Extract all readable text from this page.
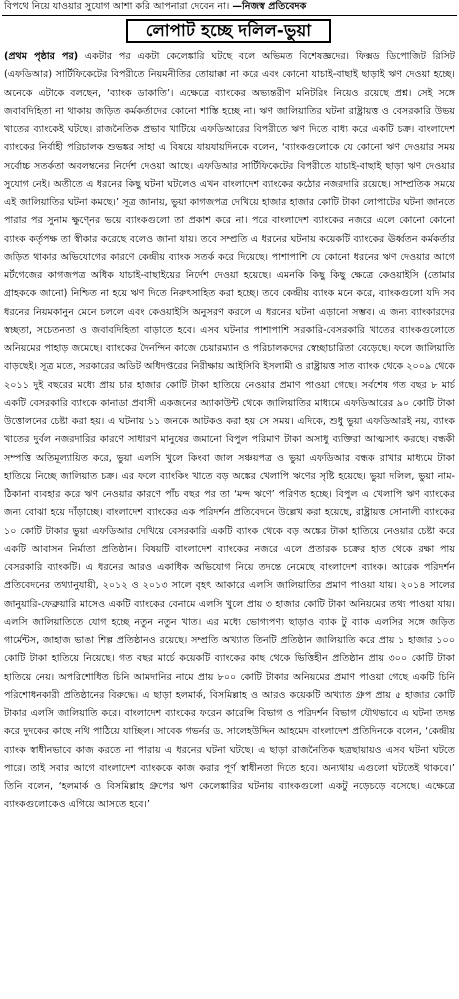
বিপথে নিয়ে যাওয়ার সুযোগ আশা করি আপনারা দেবেন না। —নিজস্ব প্রতিবেদক
লোপাট হচ্ছে দলিল-ভুয়া

(প্রথম পৃষ্ঠার পর) একটার পর একটা কেলেঙ্কারি ঘটছে বলে অভিমত বিশেষজ্ঞদের। ফিক্সড ডিপোজিট রিসিট (এফডিআর) সার্টিফিকেটের বিপরীতে নিয়মনীতির তোয়াক্কা না করে এবং কোনো যাচাই-বাছাই ছাড়াই ঋণ দেওয়া হচ্ছে। অনেকে এটাকে বলছেন, ‘ব্যাংক ডাকাতি’। এক্ষেত্রে ব্যাংকের অভ্যন্তরীণ মনিটরিং নিয়েও রয়েছে প্রশ্ন। সেই সঙ্গে জবাবদিহিতা না থাকায় জড়িত কর্মকর্তাদের কোনো শাস্তি হচ্ছে না। ঋণ জালিয়াতির ঘটনা রাষ্ট্রায়ত্ত ও বেসরকারি উভয় খাতের ব্যাংকেই ঘটছে। রাজনৈতিক প্রভাব খাটিয়ে এফডিআরের বিপরীতে ঋণ দিতে বাধ্য করে একটি চক্র। বাংলাদেশ ব্যাংকের নির্বাহী পরিচালক শুভঙ্কর সাহা এ বিষয়ে যায়যায়দিনকে বলেন, ‘ব্যাংকগুলোকে যে কোনো ঋণ দেওয়ার সময় সর্বোচ্চ সতর্কতা অবলম্বনের নির্দেশ দেওয়া আছে। এফডিআর সার্টিফিকেটের বিপরীতে যাচাই-বাছাই ছাড়া ঋণ দেওয়ার সুযোগ নেই। অতীতে এ ধরনের কিছু ঘটনা ঘটলেও এখন বাংলাদেশ ব্যাংকের কঠোর নজরদারি রয়েছে। সাম্প্রতিক সময়ে এই জালিয়াতির ঘটনা কমছে।’ সূত্র জানায়, ভুয়া কাগজপত্র দেখিয়ে হাজার হাজার কোটি টাকা লোপাটের ঘটনা জানতে পারার পর সুনাম ক্ষুণ্নের ভয়ে ব্যাংকগুলো তা প্রকাশ করে না। পরে বাংলাদেশ ব্যাংকের নজরে এলে কোনো কোনো ব্যাংক কর্তৃপক্ষ তা স্বীকার করেছে বলেও জানা যায়। তবে সম্প্রতি এ ধরনের ঘটনায় কয়েকটি ব্যাংকের ঊর্ধ্বতন কর্মকর্তার জড়িত থাকার অভিযোগের কারণে কেন্দ্রীয় ব্যাংক সতর্ক করে দিয়েছে। পাশাপাশি যে কোনো ধরনের ঋণ দেওয়ার আগে মর্টগেজের কাগজপত্র অধিক যাচাই-বাছাইয়ের নির্দেশ দেওয়া হয়েছে। এমনকি কিছু কিছু ক্ষেত্রে কেওয়াইসি (তোমার গ্রাহককে জানো) নিশ্চিত না হয়ে ঋণ দিতে নিরুৎসাহিত করা হচ্ছে। তবে কেন্দ্রীয় ব্যাংক মনে করে, ব্যাংকগুলো যদি সব ধরনের নিয়মকানুন মেনে চললে এবং কেওয়াইসি অনুসরণ করলে এ ধরনের ঘটনা এড়ানো সম্ভব। এ জন্য ব্যাংকারদের স্বচ্ছতা, সচেতনতা ও জবাবদিহিতা বাড়াতে হবে। এসব ঘটনার পাশাপাশি সরকারি-বেসরকারি খাতের ব্যাংকগুলোতে অনিয়মের পাহাড় জমেছে। ব্যাংকের দৈনন্দিন কাজে চেয়ারম্যান ও পরিচালকদের স্বেচ্ছাচারিতা বেড়েছে। ফলে জালিয়াতি বাড়ছেই। সূত্র মতে, সরকারের অডিট অধিদপ্তরের নিরীক্ষায় আইসিবি ইসলামী ও রাষ্ট্রায়ত্ত সাত ব্যাংক থেকে ২০০৯ থেকে ২০১১ দুই বছরের মধ্যে প্রায় চার হাজার কোটি টাকা হাতিয়ে নেওয়ার প্রমাণ পাওয়া গেছে। সর্বশেষ গত বছর ৮ মার্চ একটি বেসরকারি ব্যাংকে কানাডা প্রবাসী একজনের অ্যাকাউন্ট থেকে জালিয়াতির মাধ্যমে এফডিআরের ৯০ কোটি টাকা উত্তোলনের চেষ্টা করা হয়। এ ঘটনায় ১১ জনকে আটকও করা হয় সে সময়। এদিকে, শুধু ভুয়া এফডিআরই নয়, ব্যাংক খাতের দুর্বল নজরদারির কারণে সাধারণ মানুষের জমানো বিপুল পরিমাণ টাকা অসাধু ব্যক্তিরা আত্মসাৎ করছে। বন্ধকী সম্পত্তি অতিমূল্যায়িত করে, ভুয়া এলসি খুলে কিংবা জাল সঞ্চয়পত্র ও ভুয়া এফডিআর বন্ধক রাখার মাধ্যমে টাকা হাতিয়ে নিচ্ছে জালিয়াত চক্র। এর ফলে ব্যাংকিং খাতে বড় অঙ্কের খেলাপি ঋণের সৃষ্টি হয়েছে। ভুয়া দলিল, ভুয়া নাম-ঠিকানা ব্যবহার করে ঋণ নেওয়ার কারণে পাঁচ বছর পর তা ‘মন্দ ঋণে’ পরিণত হচ্ছে। বিপুল এ খেলাপি ঋণ ব্যাংকের জন্য বোঝা হয়ে দাঁড়াচ্ছে। বাংলাদেশ ব্যাংকের এক পরিদর্শন প্রতিবেদনে উল্লেখ করা হয়েছে, রাষ্ট্রায়ত্ত সোনালী ব্যাংকের ১০ কোটি টাকার ভুয়া এফডিআর দেখিয়ে বেসরকারি একটি ব্যাংক থেকে বড় অঙ্কের টাকা হাতিয়ে নেওয়ার চেষ্টা করে একটি আবাসন নির্মাতা প্রতিষ্ঠান। বিষয়টি বাংলাদেশ ব্যাংকের নজরে এলে প্রতারক চক্রের হাত থেকে রক্ষা পায় বেসরকারি ব্যাংকটি। এ ধরনের আরও একাধিক অভিযোগ নিয়ে তদন্তে নেমেছে বাংলাদেশ ব্যাংক। আরেক পরিদর্শন প্রতিবেদনের তথ্যানুযায়ী, ২০১২ ও ২০১৩ সালে বৃহৎ আকারে এলসি জালিয়াতির প্রমাণ পাওয়া যায়। ২০১৪ সালের জানুয়ারি-ফেব্রুয়ারি মাসেও একটি ব্যাংকের বেনামে এলসি খুলে প্রায় ৩ হাজার কোটি টাকা অনিয়মের তথ্য পাওয়া যায়। এলসি জালিয়াতিতে যোগ হচ্ছে নতুন নতুন খাত। এর মধ্যে ভোগ্যপণ্য ছাড়াও ব্যাক টু ব্যাক এলসির সঙ্গে জড়িত গার্মেন্টস, জাহাজ ভাঙা শিল্প প্রতিষ্ঠানও রয়েছে। সম্প্রতি অখ্যাত তিনটি প্রতিষ্ঠান জালিয়াতি করে প্রায় ১ হাজার ১০০ কোটি টাকা হাতিয়ে নিয়েছে। গত বছর মার্চে কয়েকটি ব্যাংকের কাছ থেকে ভিত্তিহীন প্রতিষ্ঠান প্রায় ৩০০ কোটি টাকা হাতিয়ে নেয়। অপরিশোধিত চিনি আমদানির নামে প্রায় ৮০০ কোটি টাকার অনিয়মের প্রমাণ পাওয়া গেছে একটি চিনি পরিশোধনকারী প্রতিষ্ঠানের বিরুদ্ধে। এ ছাড়া হলমার্ক, বিসমিল্লাহ ও আরও কয়েকটি অখ্যাত গ্রুপ প্রায় ৫ হাজার কোটি টাকার এলসি জালিয়াতি করে। বাংলাদেশ ব্যাংকের ফরেন কারেন্সি বিভাগ ও পরিদর্শন বিভাগ যৌথভাবে এ ঘটনা তদন্ত করে দুদকের কাছে নথি পাঠিয়ে যাচ্ছিল। সাবেক গভর্নর ড. সালেহউদ্দিন আহমেদ বাংলাদেশ প্রতিদিনকে বলেন, ‘কেন্দ্রীয় ব্যাংক স্বাধীনভাবে কাজ করতে না পারায় এ ধরনের ঘটনা ঘটছে। এ ছাড়া রাজনৈতিক ছত্রছায়ায়ও এসব ঘটনা ঘটতে পারে। তাই সবার আগে বাংলাদেশ ব্যাংককে কাজ করার পূর্ণ স্বাধীনতা দিতে হবে। অন্যথায় এগুলো ঘটতেই থাকবে।’ তিনি বলেন, ‘হলমার্ক ও বিসমিল্লাহ গ্রুপের ঋণ কেলেঙ্কারির ঘটনায় ব্যাংকগুলো একটু নড়েচড়ে বসেছে। এক্ষেত্রে ব্যাংকগুলোকেও এগিয়ে আসতে হবে।’
